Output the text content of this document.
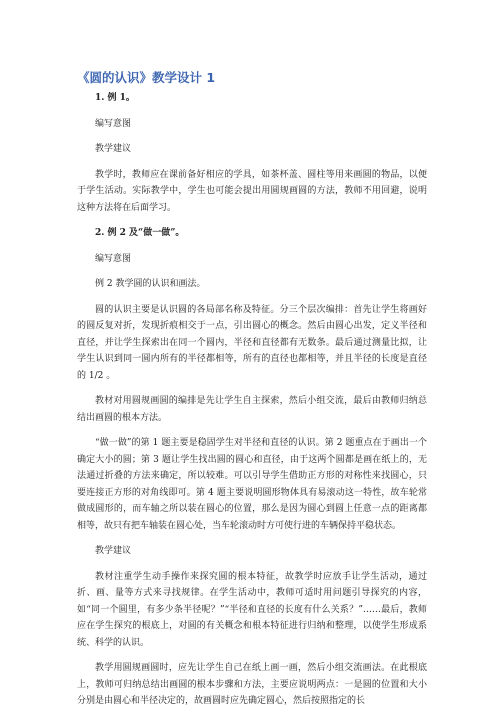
《圆的认识》教学设计 1

1. 例 1。

编写意图

教学建议

教学时，教师应在课前备好相应的学具，如茶杯盖、圆柱等用来画圆的物品，以便于学生活动。实际教学中，学生也可能会提出用圆规画圆的方法，教师不用回避，说明这种方法将在后面学习。

2. 例 2 及“做一做”。

编写意图

例 2 教学圆的认识和画法。

圆的认识主要是认识圆的各局部名称及特征。分三个层次编排：首先让学生将画好的圆反复对折，发现折痕相交于一点，引出圆心的概念。然后由圆心出发，定义半径和直径，并让学生探索出在同一个圆内，半径和直径都有无数条。最后通过测量比拟，让学生认识到同一圆内所有的半径都相等，所有的直径也都相等，并且半径的长度是直径的 1/2 。

教材对用圆规画圆的编排是先让学生自主探索，然后小组交流，最后由教师归纳总结出画圆的根本方法。

“做一做”的第 1 题主要是稳固学生对半径和直径的认识。第 2 题重点在于画出一个确定大小的圆；第 3 题让学生找出圆的圆心和直径，由于这两个圆都是画在纸上的，无法通过折叠的方法来确定，所以较难。可以引导学生借助正方形的对称性来找圆心，只要连接正方形的对角线即可。第 4 题主要说明圆形物体具有易滚动这一特性，故车轮常做成圆形的，而车轴之所以装在圆心的位置，那么是因为圆心到圆上任意一点的距离都相等，故只有把车轴装在圆心处，当车轮滚动时方可使行进的车辆保持平稳状态。

教学建议

教材注重学生动手操作来探究圆的根本特征，故教学时应放手让学生活动，通过折、画、量等方式来寻找规律。在学生活动中，教师可适时用问题引导探究的内容，如“同一个圆里，有多少条半径呢？”“半径和直径的长度有什么关系？”……最后，教师应在学生探究的根底上，对圆的有关概念和根本特征进行归纳和整理，以使学生形成系统、科学的认识。

教学用圆规画圆时，应先让学生自己在纸上画一画，然后小组交流画法。在此根底上，教师可归纳总结出画圆的根本步骤和方法，主要应说明两点：一是圆的位置和大小分别是由圆心和半径决定的，故画圆时应先确定圆心，然后按照指定的长
